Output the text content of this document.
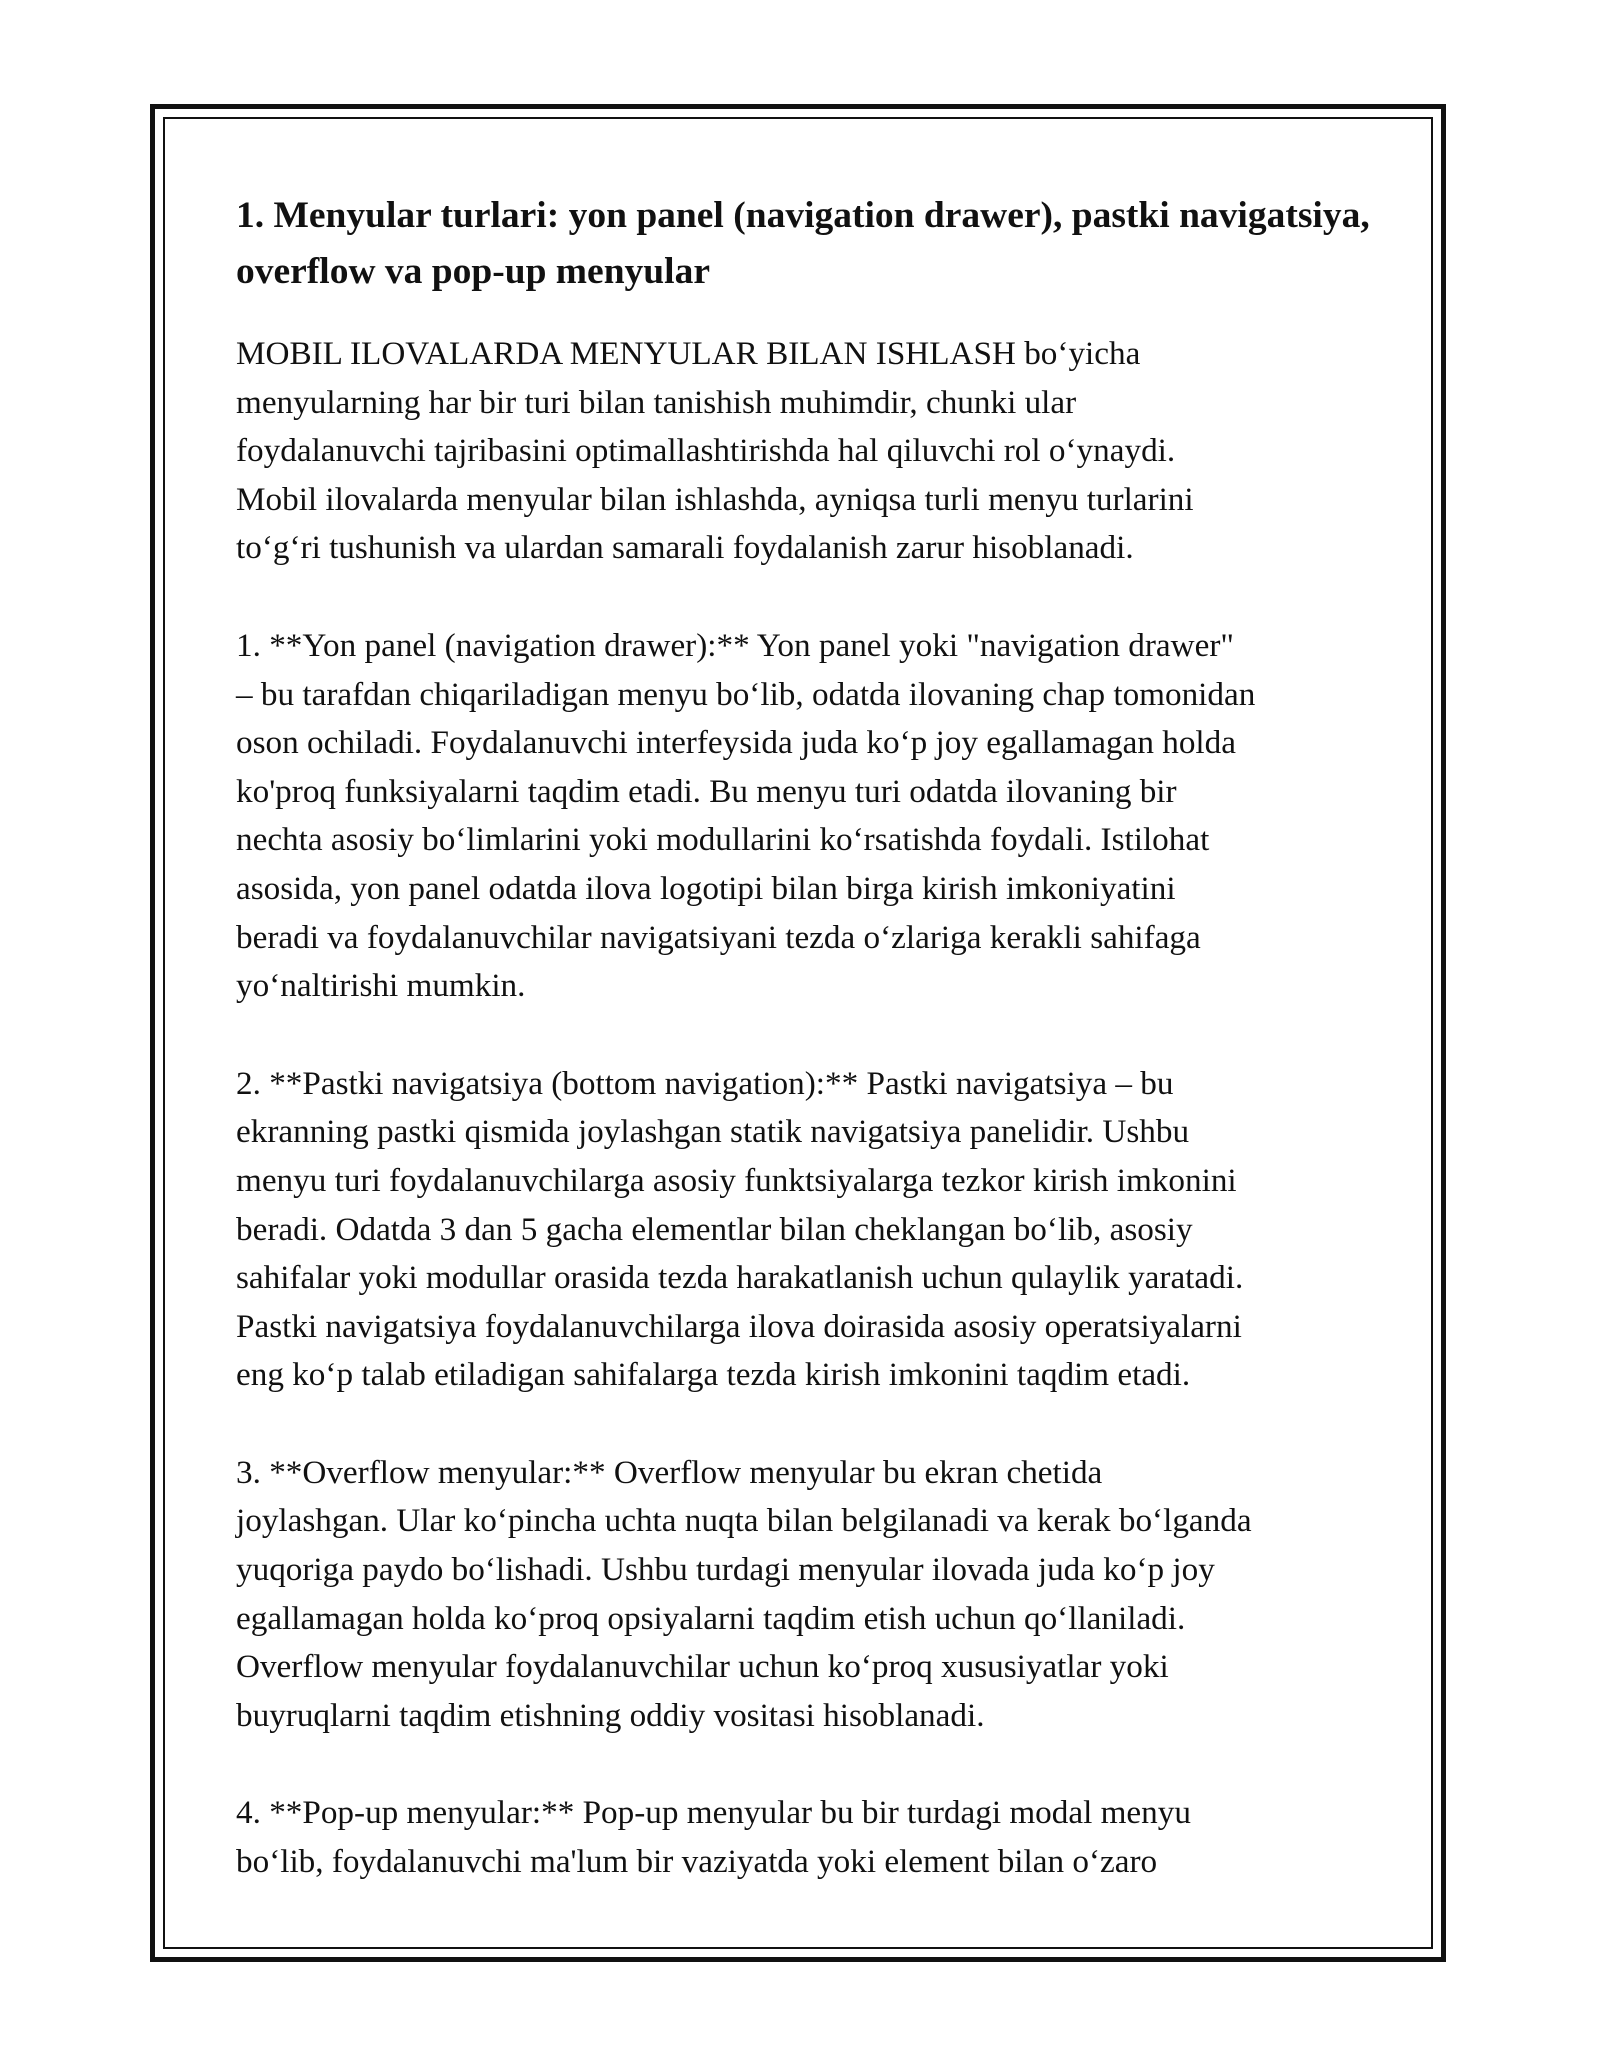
1. Menyular turlari: yon panel (navigation drawer), pastki navigatsiya, overflow va pop-up menyular

MOBIL ILOVALARDA MENYULAR BILAN ISHLASH bo‘yicha
menyularning har bir turi bilan tanishish muhimdir, chunki ular
foydalanuvchi tajribasini optimallashtirishda hal qiluvchi rol o‘ynaydi.
Mobil ilovalarda menyular bilan ishlashda, ayniqsa turli menyu turlarini
to‘g‘ri tushunish va ulardan samarali foydalanish zarur hisoblanadi.

1. **Yon panel (navigation drawer):** Yon panel yoki "navigation drawer"
– bu tarafdan chiqariladigan menyu bo‘lib, odatda ilovaning chap tomonidan
oson ochiladi. Foydalanuvchi interfeysida juda ko‘p joy egallamagan holda
ko'proq funksiyalarni taqdim etadi. Bu menyu turi odatda ilovaning bir
nechta asosiy bo‘limlarini yoki modullarini ko‘rsatishda foydali. Istilohat
asosida, yon panel odatda ilova logotipi bilan birga kirish imkoniyatini
beradi va foydalanuvchilar navigatsiyani tezda o‘zlariga kerakli sahifaga
yo‘naltirishi mumkin.

2. **Pastki navigatsiya (bottom navigation):** Pastki navigatsiya – bu
ekranning pastki qismida joylashgan statik navigatsiya panelidir. Ushbu
menyu turi foydalanuvchilarga asosiy funktsiyalarga tezkor kirish imkonini
beradi. Odatda 3 dan 5 gacha elementlar bilan cheklangan bo‘lib, asosiy
sahifalar yoki modullar orasida tezda harakatlanish uchun qulaylik yaratadi.
Pastki navigatsiya foydalanuvchilarga ilova doirasida asosiy operatsiyalarni
eng ko‘p talab etiladigan sahifalarga tezda kirish imkonini taqdim etadi.

3. **Overflow menyular:** Overflow menyular bu ekran chetida
joylashgan. Ular ko‘pincha uchta nuqta bilan belgilanadi va kerak bo‘lganda
yuqoriga paydo bo‘lishadi. Ushbu turdagi menyular ilovada juda ko‘p joy
egallamagan holda ko‘proq opsiyalarni taqdim etish uchun qo‘llaniladi.
Overflow menyular foydalanuvchilar uchun ko‘proq xususiyatlar yoki
buyruqlarni taqdim etishning oddiy vositasi hisoblanadi.

4. **Pop-up menyular:** Pop-up menyular bu bir turdagi modal menyu
bo‘lib, foydalanuvchi ma'lum bir vaziyatda yoki element bilan o‘zaro
